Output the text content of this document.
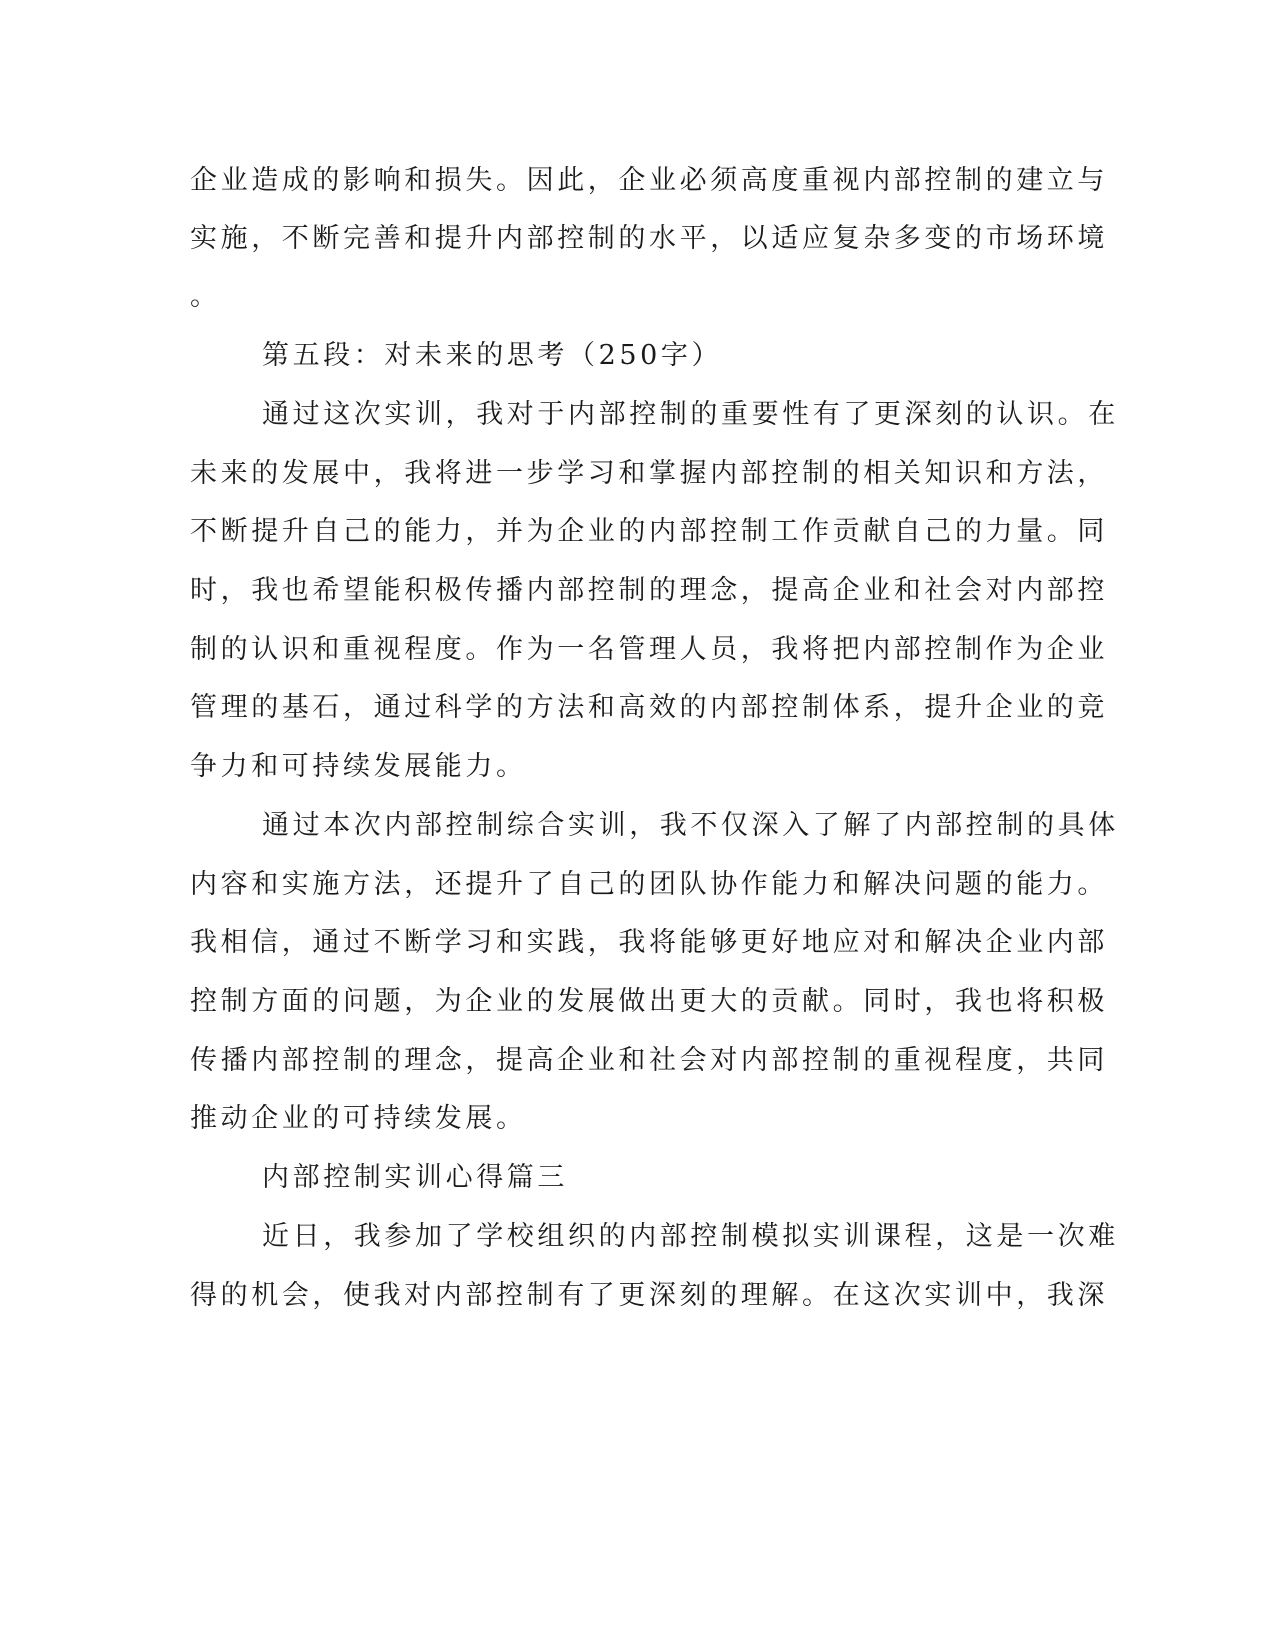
企业造成的影响和损失。因此，企业必须高度重视内部控制的建立与
实施，不断完善和提升内部控制的水平，以适应复杂多变的市场环境
。
第五段：对未来的思考（250字）
通过这次实训，我对于内部控制的重要性有了更深刻的认识。在
未来的发展中，我将进一步学习和掌握内部控制的相关知识和方法，
不断提升自己的能力，并为企业的内部控制工作贡献自己的力量。同
时，我也希望能积极传播内部控制的理念，提高企业和社会对内部控
制的认识和重视程度。作为一名管理人员，我将把内部控制作为企业
管理的基石，通过科学的方法和高效的内部控制体系，提升企业的竞
争力和可持续发展能力。
通过本次内部控制综合实训，我不仅深入了解了内部控制的具体
内容和实施方法，还提升了自己的团队协作能力和解决问题的能力。
我相信，通过不断学习和实践，我将能够更好地应对和解决企业内部
控制方面的问题，为企业的发展做出更大的贡献。同时，我也将积极
传播内部控制的理念，提高企业和社会对内部控制的重视程度，共同
推动企业的可持续发展。
内部控制实训心得篇三
近日，我参加了学校组织的内部控制模拟实训课程，这是一次难
得的机会，使我对内部控制有了更深刻的理解。在这次实训中，我深
